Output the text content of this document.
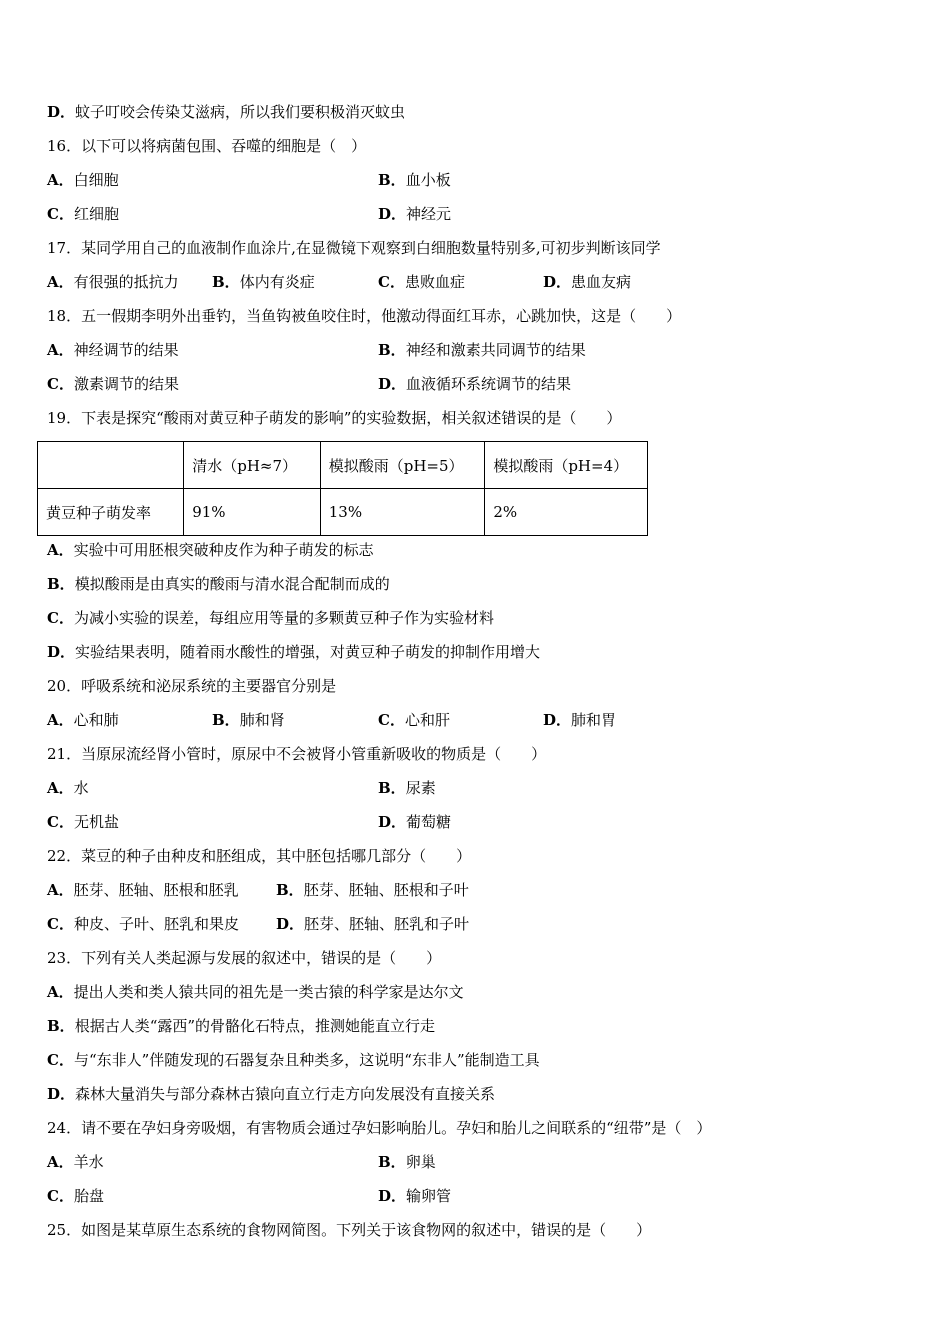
D．蚊子叮咬会传染艾滋病，所以我们要积极消灭蚊虫
16．以下可以将病菌包围、吞噬的细胞是（　）
A．白细胞	B．血小板
C．红细胞	D．神经元
17．某同学用自己的血液制作血涂片,在显微镜下观察到白细胞数量特别多,可初步判断该同学
A．有很强的抵抗力 B．体内有炎症	C．患败血症	D．患血友病
18．五一假期李明外出垂钓，当鱼钩被鱼咬住时，他激动得面红耳赤，心跳加快，这是（　　）
A．神经调节的结果	B．神经和激素共同调节的结果
C．激素调节的结果	D．血液循环系统调节的结果
19．下表是探究“酸雨对黄豆种子萌发的影响”的实验数据，相关叙述错误的是（　　）
	清水（pH≈7）	模拟酸雨（pH=5）	模拟酸雨（pH=4）
黄豆种子萌发率	91%	13%	2%
A．实验中可用胚根突破种皮作为种子萌发的标志
B．模拟酸雨是由真实的酸雨与清水混合配制而成的
C．为减小实验的误差，每组应用等量的多颗黄豆种子作为实验材料
D．实验结果表明，随着雨水酸性的增强，对黄豆种子萌发的抑制作用增大
20．呼吸系统和泌尿系统的主要器官分别是
A．心和肺	B．肺和肾	C．心和肝	D．肺和胃
21．当原尿流经肾小管时，原尿中不会被肾小管重新吸收的物质是（　　）
A．水	B．尿素
C．无机盐	D．葡萄糖
22．菜豆的种子由种皮和胚组成，其中胚包括哪几部分（　　）
A．胚芽、胚轴、胚根和胚乳 B．胚芽、胚轴、胚根和子叶
C．种皮、子叶、胚乳和果皮 D．胚芽、胚轴、胚乳和子叶
23．下列有关人类起源与发展的叙述中，错误的是（　　）
A．提出人类和类人猿共同的祖先是一类古猿的科学家是达尔文
B．根据古人类“露西”的骨骼化石特点，推测她能直立行走
C．与“东非人”伴随发现的石器复杂且种类多，这说明“东非人”能制造工具
D．森林大量消失与部分森林古猿向直立行走方向发展没有直接关系
24．请不要在孕妇身旁吸烟，有害物质会通过孕妇影响胎儿。孕妇和胎儿之间联系的“纽带”是（　）
A．羊水	B．卵巢
C．胎盘	D．输卵管
25．如图是某草原生态系统的食物网简图。下列关于该食物网的叙述中，错误的是（　　）
